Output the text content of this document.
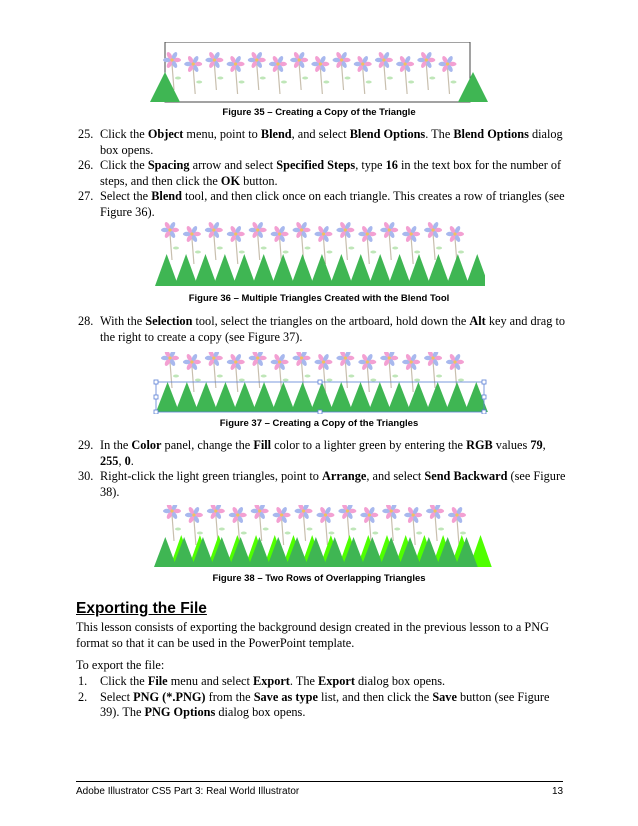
Figure 35 – Creating a Copy of the Triangle
25. Click the Object menu, point to Blend, and select Blend Options. The Blend Options dialog box opens.
26. Click the Spacing arrow and select Specified Steps, type 16 in the text box for the number of steps, and then click the OK button.
27. Select the Blend tool, and then click once on each triangle. This creates a row of triangles (see Figure 36).
Figure 36 – Multiple Triangles Created with the Blend Tool
28. With the Selection tool, select the triangles on the artboard, hold down the Alt key and drag to the right to create a copy (see Figure 37).
Figure 37 – Creating a Copy of the Triangles
29. In the Color panel, change the Fill color to a lighter green by entering the RGB values 79, 255, 0.
30. Right-click the light green triangles, point to Arrange, and select Send Backward (see Figure 38).
Figure 38 – Two Rows of Overlapping Triangles
Exporting the File
This lesson consists of exporting the background design created in the previous lesson to a PNG format so that it can be used in the PowerPoint template.
To export the file:
1. Click the File menu and select Export. The Export dialog box opens.
2. Select PNG (*.PNG) from the Save as type list, and then click the Save button (see Figure 39). The PNG Options dialog box opens.
Adobe Illustrator CS5 Part 3: Real World Illustrator	13
